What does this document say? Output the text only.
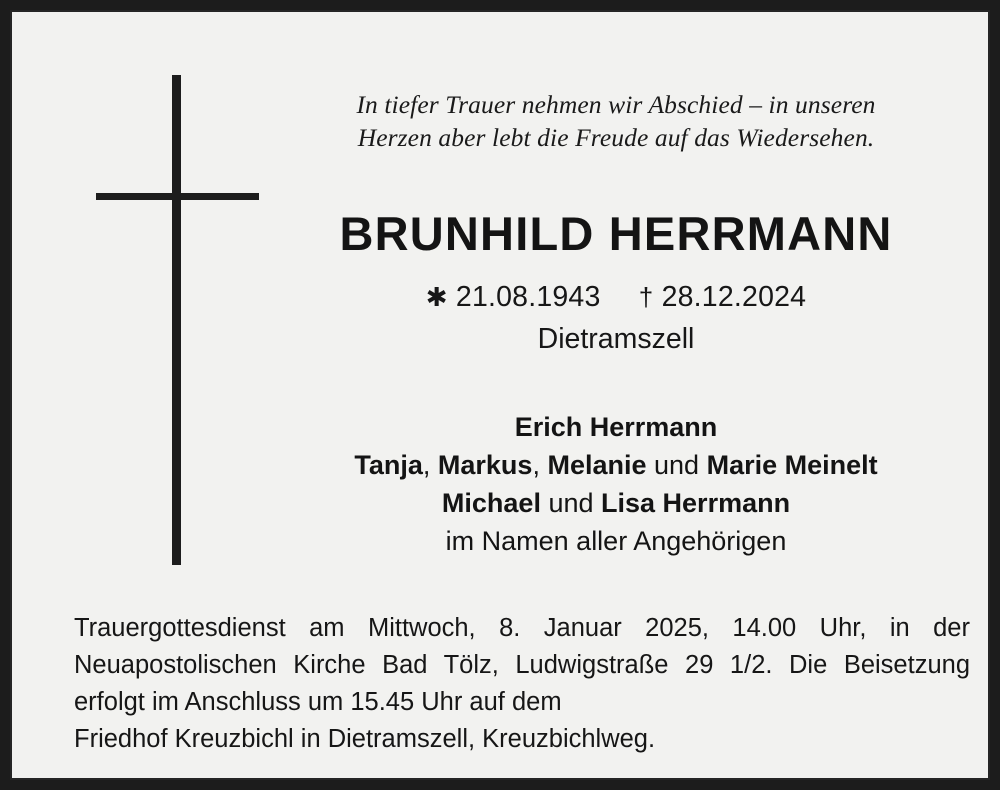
In tiefer Trauer nehmen wir Abschied – in unseren
Herzen aber lebt die Freude auf das Wiedersehen.
BRUNHILD HERRMANN
✱ 21.08.1943 † 28.12.2024
Dietramszell
Erich Herrmann
Tanja, Markus, Melanie und Marie Meinelt
Michael und Lisa Herrmann
im Namen aller Angehörigen
Trauergottesdienst am Mittwoch, 8. Januar 2025, 14.00 Uhr, in der Neuapostolischen Kirche Bad Tölz, Ludwigstraße 29 1/2. Die Beisetzung erfolgt im Anschluss um 15.45 Uhr auf dem
Friedhof Kreuzbichl in Dietramszell, Kreuzbichlweg.
